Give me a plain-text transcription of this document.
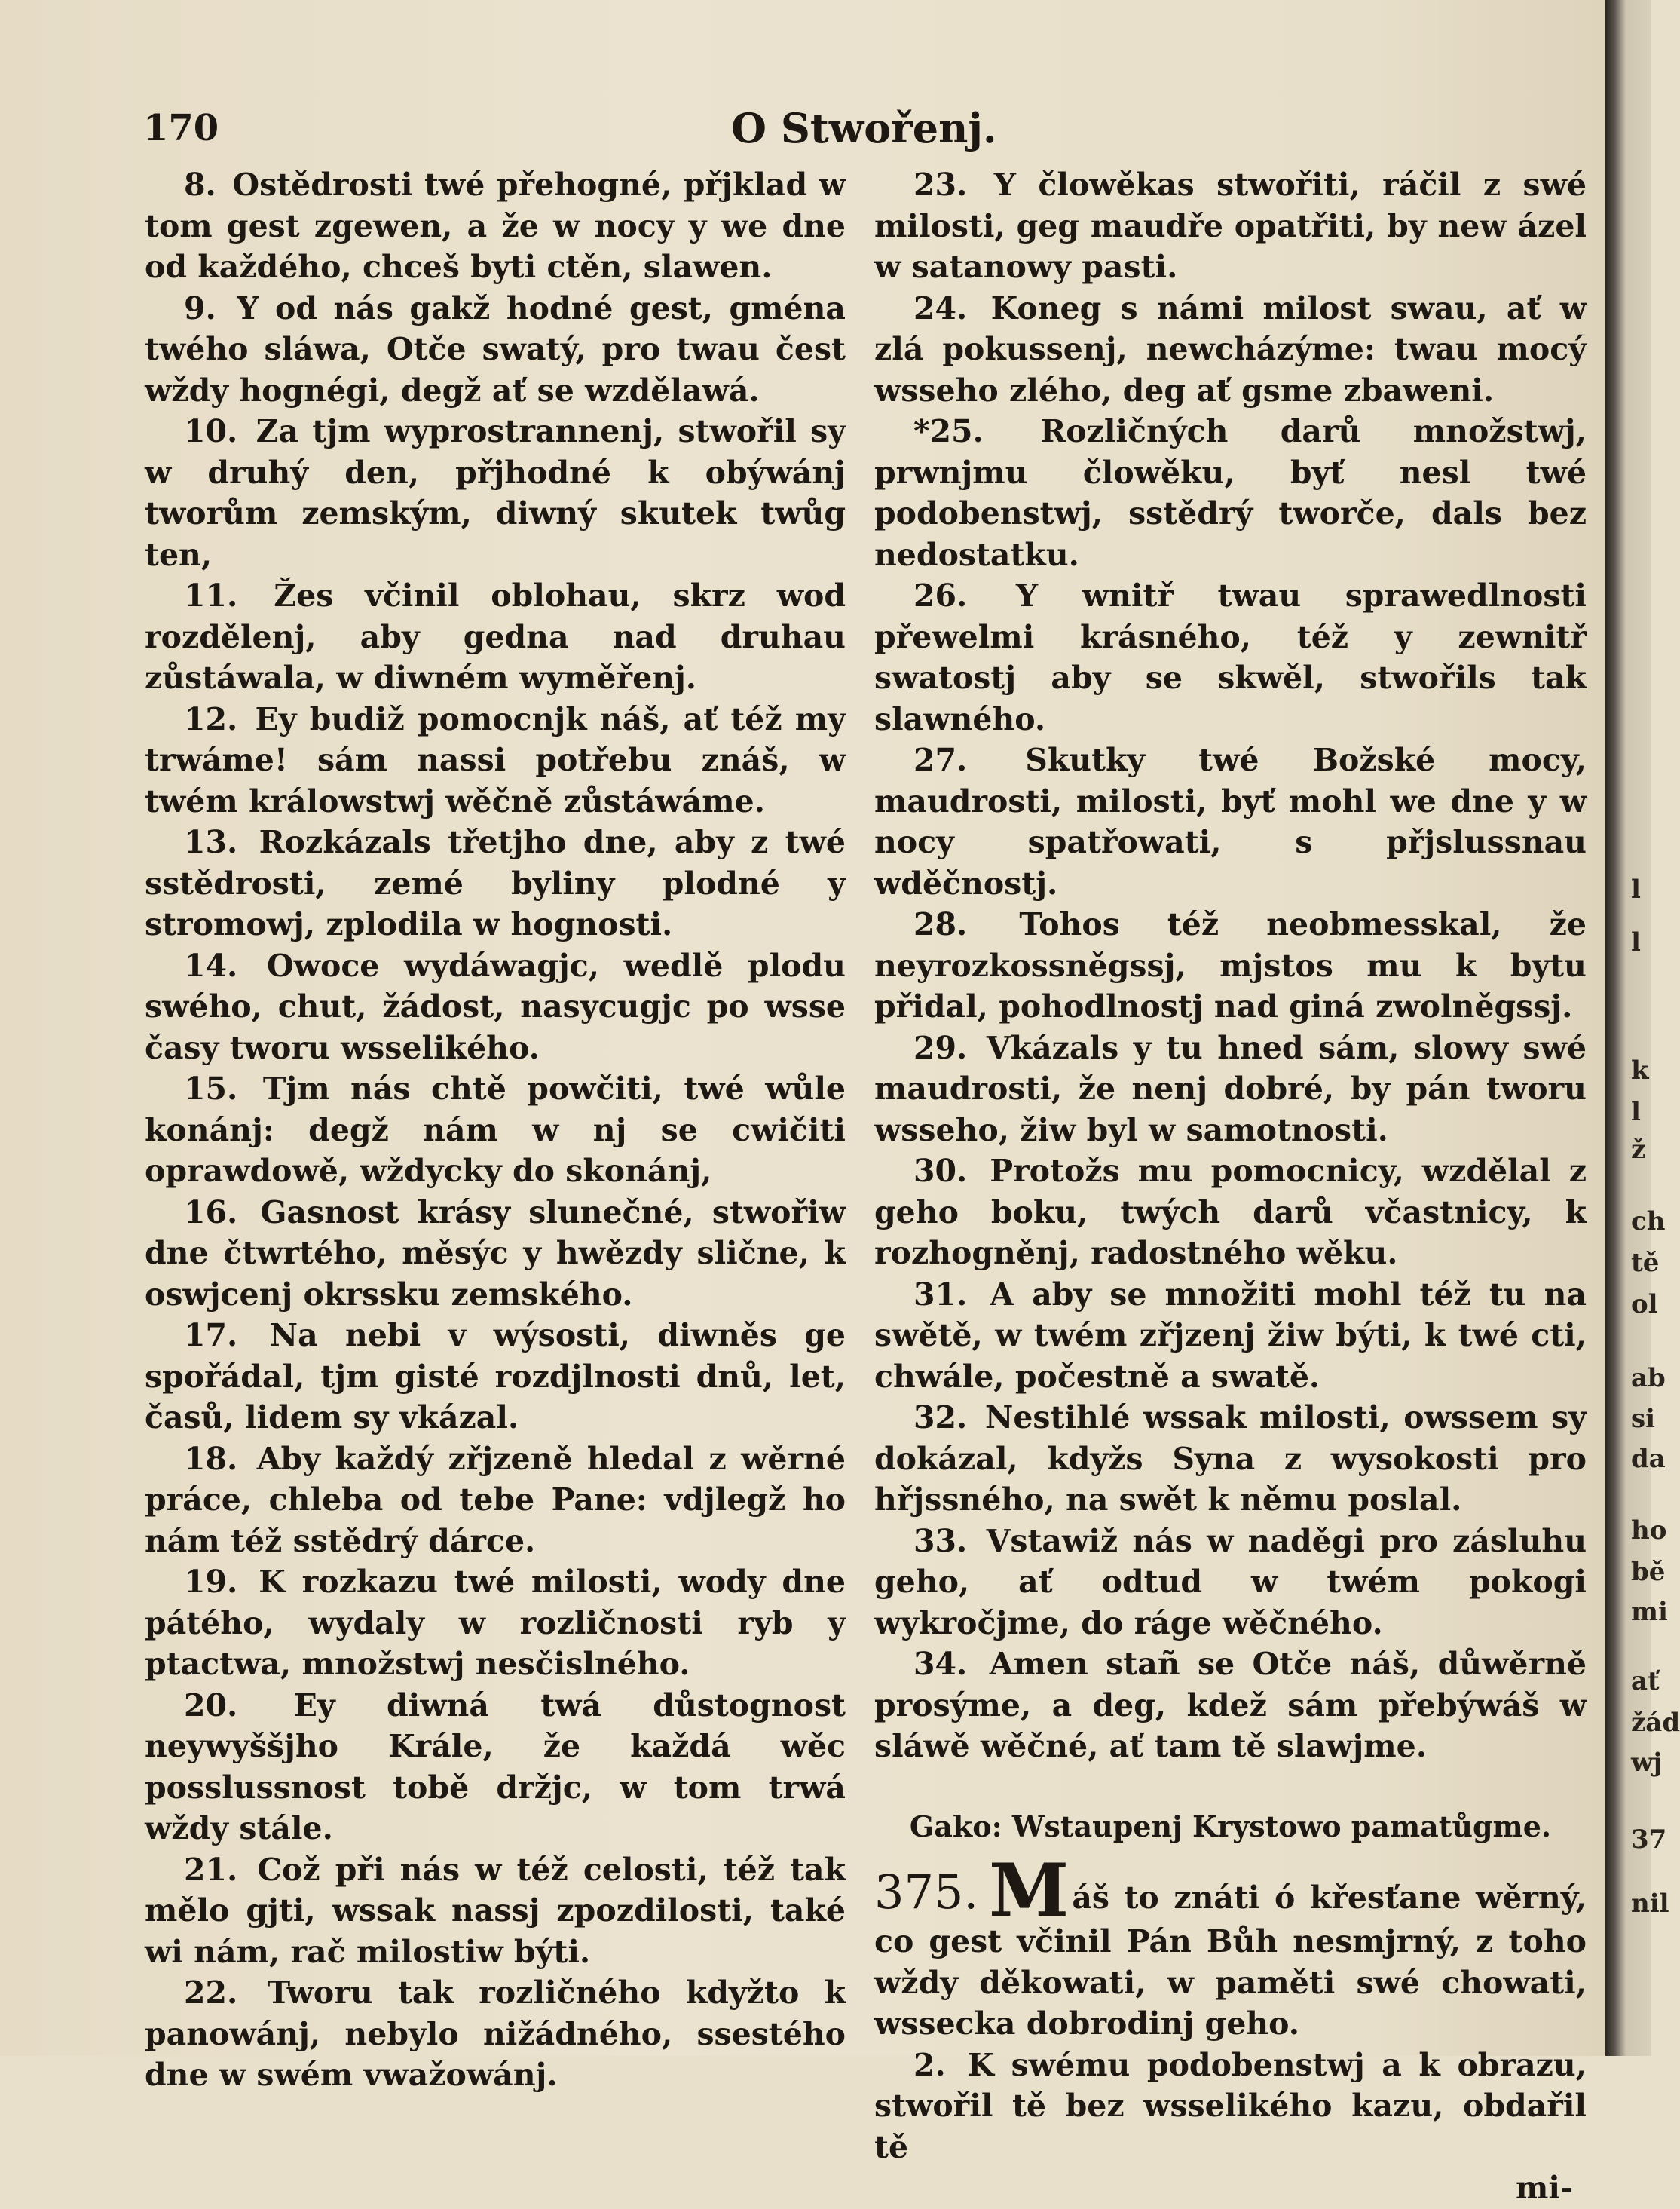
170	O Stwořenj.

8. Ostědrosti twé přehogné, přjklad w tom gest zgewen, a že w nocy y we dne od každého, chceš byti ctěn, slawen.

9. Y od nás gakž hodné gest, gména twého sláwa, Otče swatý, pro twau čest wždy hognégi, degž ať se wzdělawá.

10. Za tjm wyprostrannenj, stwořil sy w druhý den, přjhodné k obýwánj tworům zemským, diwný skutek twůg ten,

11. Žes včinil oblohau, skrz wod rozdělenj, aby gedna nad druhau zůstáwala, w diwném wyměřenj.

12. Ey budiž pomocnjk náš, ať též my trwáme! sám nassi potřebu znáš, w twém králowstwj wěčně zůstáwáme.

13. Rozkázals třetjho dne, aby z twé sstědrosti, zemé byliny plodné y stromowj, zplodila w hognosti.

14. Owoce wydáwagjc, wedlě plodu swého, chut, žádost, nasycugjc po wsse časy tworu wsselikého.

15. Tjm nás chtě powčiti, twé wůle konánj: degž nám w nj se cwičiti oprawdowě, wždycky do skonánj,

16. Gasnost krásy slunečné, stwořiw dne čtwrtého, měsýc y hwězdy slične, k oswjcenj okrssku zemského.

17. Na nebi v wýsosti, diwněs ge spořádal, tjm gisté rozdjlnosti dnů, let, časů, lidem sy vkázal.

18. Aby každý zřjzeně hledal z wěrné práce, chleba od tebe Pane: vdjlegž ho nám též sstědrý dárce.

19. K rozkazu twé milosti, wody dne pátého, wydaly w rozličnosti ryb y ptactwa, množstwj nesčislného.

20. Ey diwná twá důstognost neywyššjho Krále, že každá wěc posslussnost tobě držjc, w tom trwá wždy stále.

21. Což při nás w též celosti, též tak mělo gjti, wssak nassj zpozdilosti, také wi nám, rač milostiw býti.

22. Tworu tak rozličného kdyžto k panowánj, nebylo nižádného, ssestého dne w swém vwažowánj.

23. Y člowěkas stwořiti, ráčil z swé milosti, geg maudře opatřiti, by new ázel w satanowy pasti.

24. Koneg s námi milost swau, ať w zlá pokussenj, newcházýme: twau mocý wsseho zlého, deg ať gsme zbaweni.

*25. Rozličných darů množstwj, prwnjmu člowěku, byť nesl twé podobenstwj, sstědrý tworče, dals bez nedostatku.

26. Y wnitř twau sprawedlnosti přewelmi krásného, též y zewnitř swatostj aby se skwěl, stwořils tak slawného.

27. Skutky twé Božské mocy, maudrosti, milosti, byť mohl we dne y w nocy spatřowati, s přjslussnau wděčnostj.

28. Tohos též neobmesskal, že neyrozkossněgssj, mjstos mu k bytu přidal, pohodlnostj nad giná zwolněgssj.

29. Vkázals y tu hned sám, slowy swé maudrosti, že nenj dobré, by pán tworu wsseho, žiw byl w samotnosti.

30. Protožs mu pomocnicy, wzdělal z geho boku, twých darů včastnicy, k rozhogněnj, radostného wěku.

31. A aby se množiti mohl též tu na swětě, w twém zřjzenj žiw býti, k twé cti, chwále, počestně a swatě.

32. Nestihlé wssak milosti, owssem sy dokázal, kdyžs Syna z wysokosti pro hřjssného, na swět k němu poslal.

33. Vstawiž nás w naděgi pro zásluhu geho, ať odtud w twém pokogi wykročjme, do ráge wěčného.

34. Amen stañ se Otče náš, důwěrně prosýme, a deg, kdež sám přebýwáš w sláwě wěčné, ať tam tě slawjme.

Gako: Wstaupenj Krystowo pamatůgme.

375. Máš to znáti ó křesťane wěrný, co gest včinil Pán Bůh nesmjrný, z toho wždy děkowati, w paměti swé chowati, wssecka dobrodinj geho.

2. K swému podobenstwj a k obrazu, stwořil tě bez wsselikého kazu, obdařil tě

mi-

l
l
k
l
ž
ch
tě
ol
ab
si
da
ho
bě
mi
ať
žád
wj
37
nil
